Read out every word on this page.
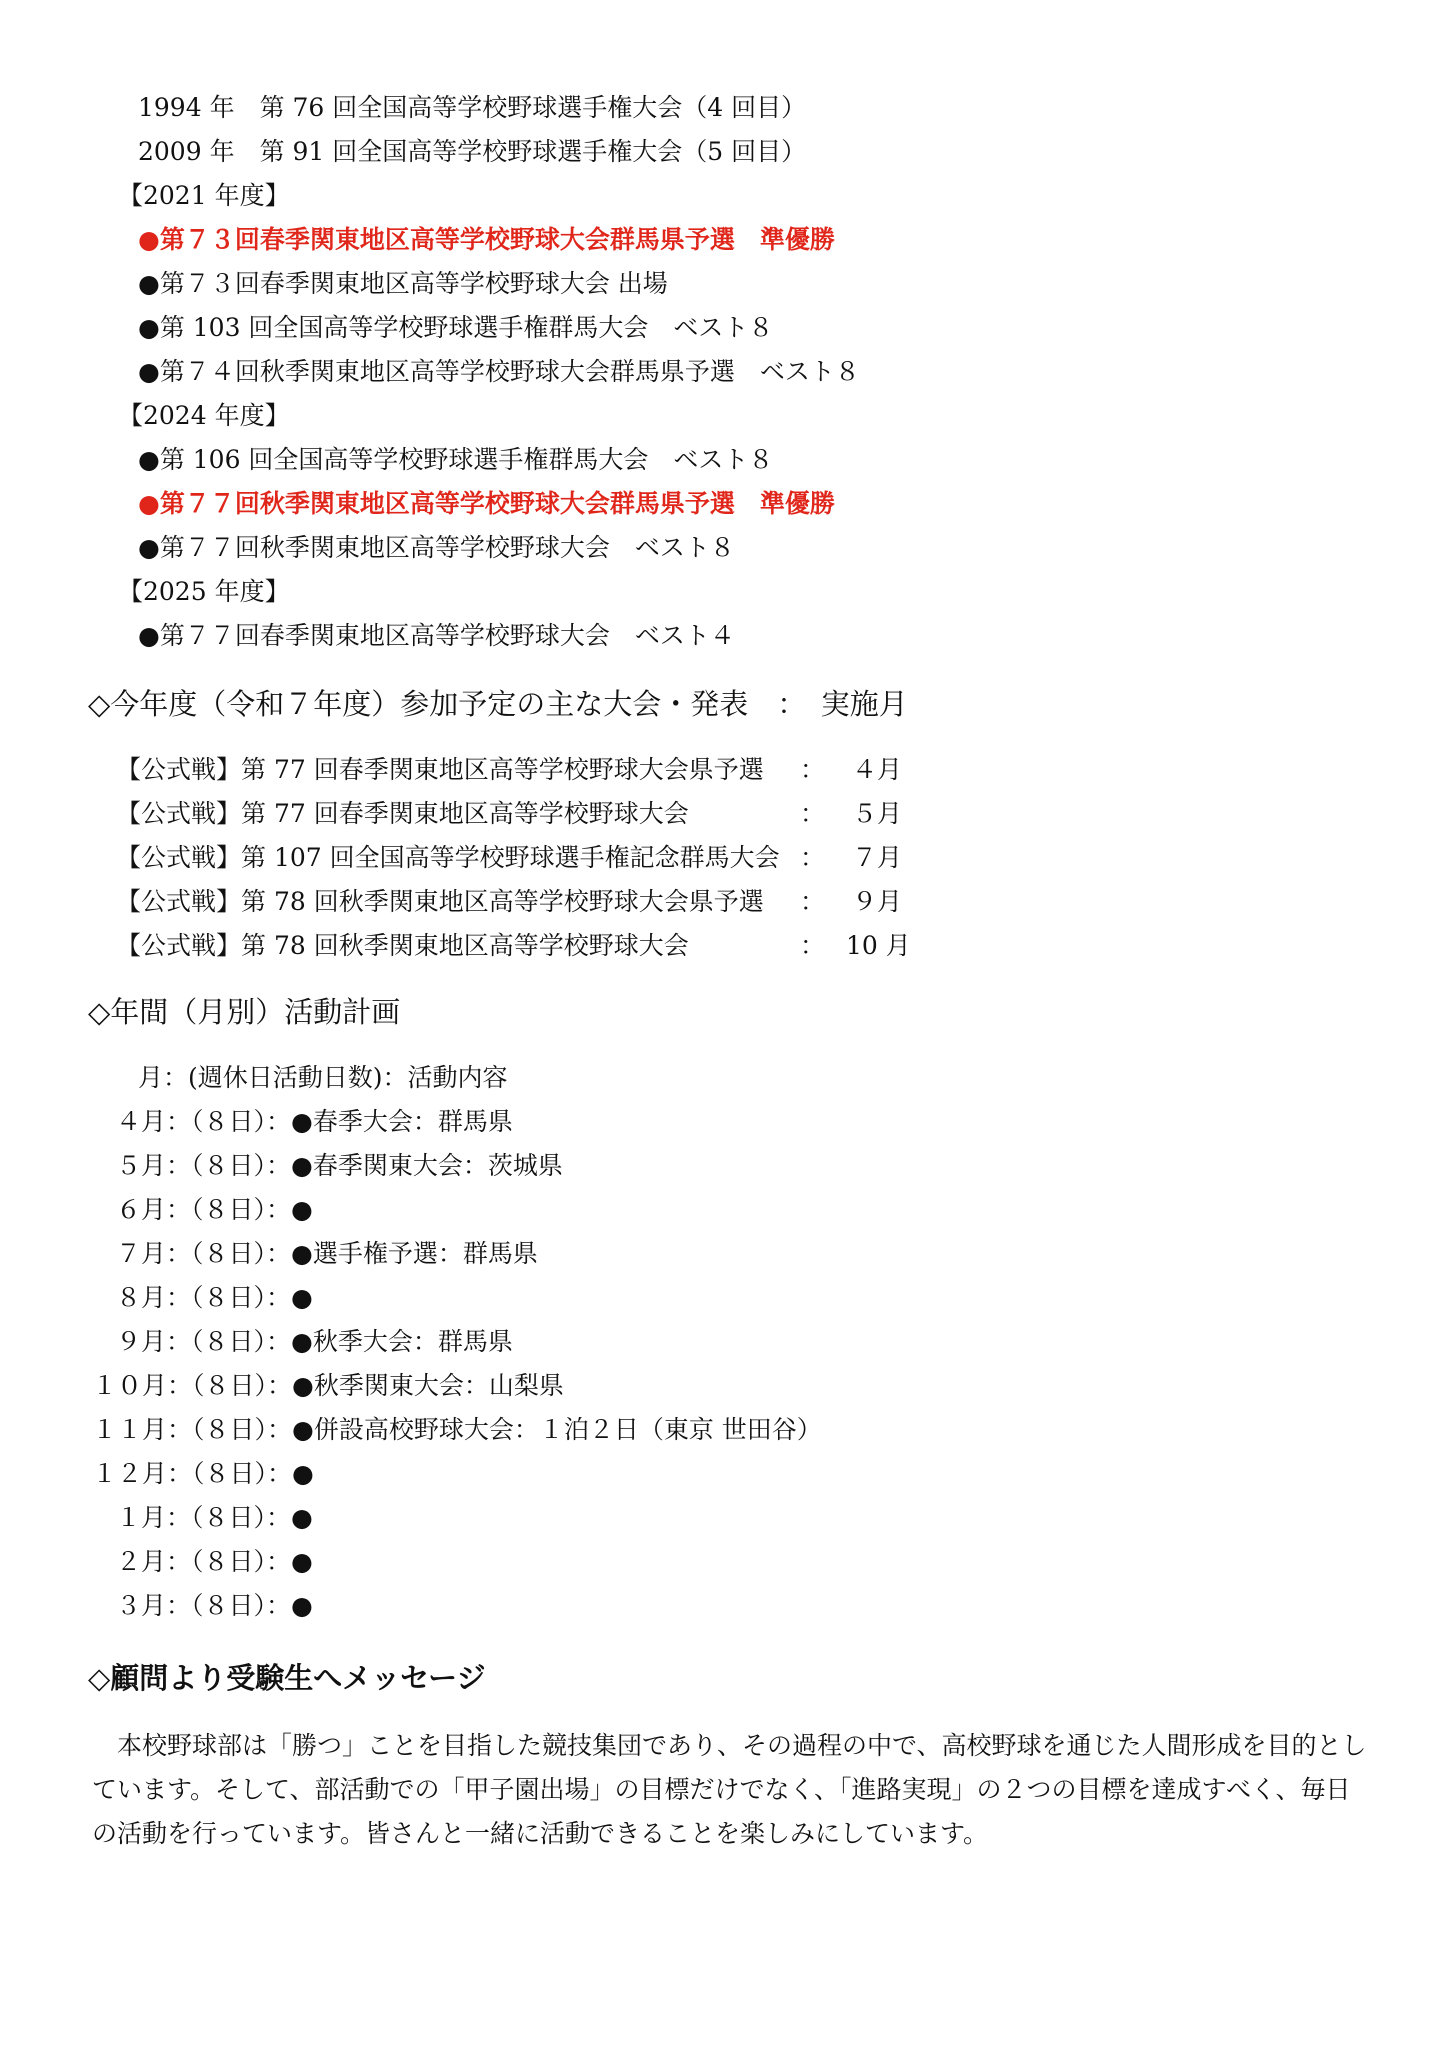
1994 年　第 76 回全国高等学校野球選手権大会（4 回目）
2009 年　第 91 回全国高等学校野球選手権大会（5 回目）
【2021 年度】
●第７３回春季関東地区高等学校野球大会群馬県予選　準優勝
●第７３回春季関東地区高等学校野球大会 出場
●第 103 回全国高等学校野球選手権群馬大会　ベスト８
●第７４回秋季関東地区高等学校野球大会群馬県予選　ベスト８
【2024 年度】
●第 106 回全国高等学校野球選手権群馬大会　ベスト８
●第７７回秋季関東地区高等学校野球大会群馬県予選　準優勝
●第７７回秋季関東地区高等学校野球大会　ベスト８
【2025 年度】
●第７７回春季関東地区高等学校野球大会　ベスト４
◇今年度（令和７年度）参加予定の主な大会・発表　：　実施月
【公式戦】第 77 回春季関東地区高等学校野球大会県予選 ： ４月
【公式戦】第 77 回春季関東地区高等学校野球大会	： ５月
【公式戦】第 107 回全国高等学校野球選手権記念群馬大会 ： ７月
【公式戦】第 78 回秋季関東地区高等学校野球大会県予選 ： ９月
【公式戦】第 78 回秋季関東地区高等学校野球大会	： 10 月
◇年間（月別）活動計画
月：(週休日活動日数)：活動内容
４月：（８日）：●春季大会：群馬県
５月：（８日）：●春季関東大会：茨城県
６月：（８日）：●
７月：（８日）：●選手権予選：群馬県
８月：（８日）：●
９月：（８日）：●秋季大会：群馬県
１０月：（８日）：●秋季関東大会：山梨県
１１月：（８日）：●併設高校野球大会：１泊２日（東京 世田谷）
１２月：（８日）：●
１月：（８日）：●
２月：（８日）：●
３月：（８日）：●
◇顧問より受験生へメッセージ
本校野球部は「勝つ」ことを目指した競技集団であり、その過程の中で、高校野球を通じた人間形成を目的としています。そして、部活動での「甲子園出場」の目標だけでなく、「進路実現」の２つの目標を達成すべく、毎日の活動を行っています。皆さんと一緒に活動できることを楽しみにしています。
